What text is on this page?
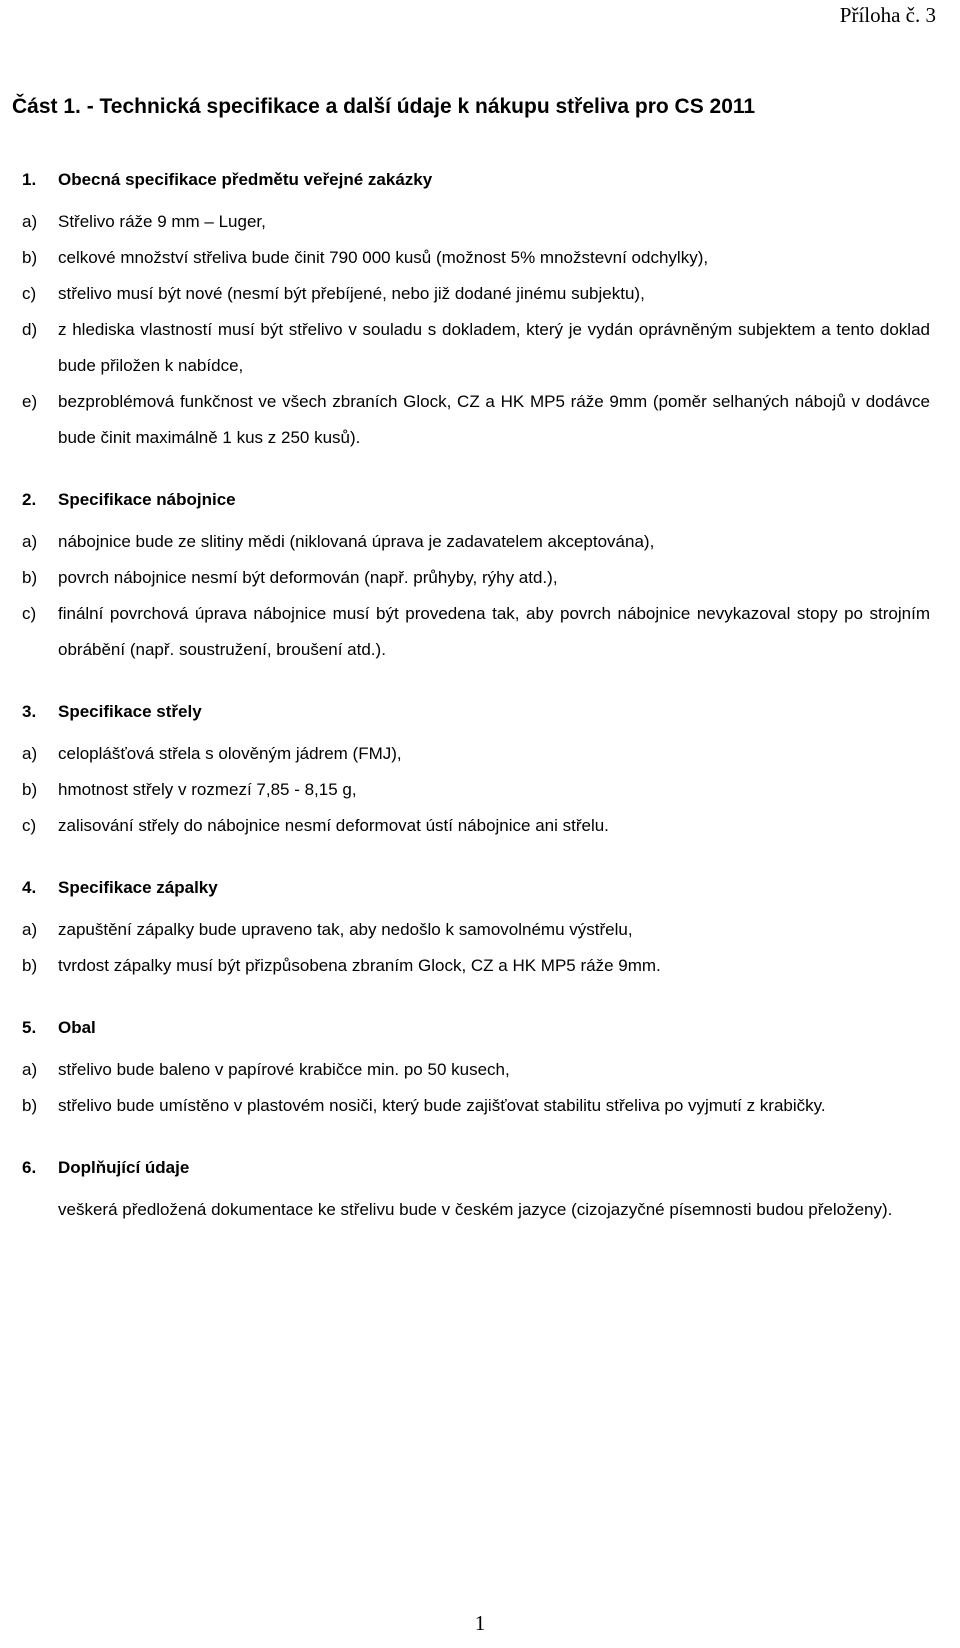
Příloha č. 3
Část 1. - Technická specifikace a další údaje k nákupu střeliva pro CS 2011
1.	Obecná specifikace předmětu veřejné zakázky
a)	Střelivo ráže 9 mm – Luger,
b)	celkové množství střeliva bude činit 790 000 kusů (možnost 5% množstevní odchylky),
c)	střelivo musí být nové (nesmí být přebíjené, nebo již dodané jinému subjektu),
d)	z hlediska vlastností musí být střelivo v souladu s dokladem, který je vydán oprávněným subjektem a tento doklad bude přiložen k nabídce,
e)	bezproblémová funkčnost ve všech zbraních Glock, CZ a HK MP5 ráže 9mm (poměr selhaných nábojů v dodávce bude činit maximálně 1 kus z 250 kusů).
2.	Specifikace nábojnice
a)	nábojnice bude ze slitiny mědi (niklovaná úprava je zadavatelem akceptována),
b)	povrch nábojnice nesmí být deformován (např. průhyby, rýhy atd.),
c)	finální povrchová úprava nábojnice musí být provedena tak, aby povrch nábojnice nevykazoval stopy po strojním obrábění (např. soustružení, broušení atd.).
3.	Specifikace střely
a)	celoplášťová střela s olověným jádrem (FMJ),
b)	hmotnost střely v rozmezí 7,85 - 8,15 g,
c)	zalisování střely do nábojnice nesmí deformovat ústí nábojnice ani střelu.
4.	Specifikace zápalky
a)	zapuštění zápalky bude upraveno tak, aby nedošlo k samovolnému výstřelu,
b)	tvrdost zápalky musí být přizpůsobena zbraním Glock, CZ a HK MP5 ráže 9mm.
5.	Obal
a)	střelivo bude baleno v papírové krabičce min. po 50 kusech,
b)	střelivo bude umístěno v plastovém nosiči, který bude zajišťovat stabilitu střeliva po vyjmutí z krabičky.
6.	Doplňující údaje
veškerá předložená dokumentace ke střelivu bude v českém jazyce (cizojazyčné písemnosti budou přeloženy).
1
